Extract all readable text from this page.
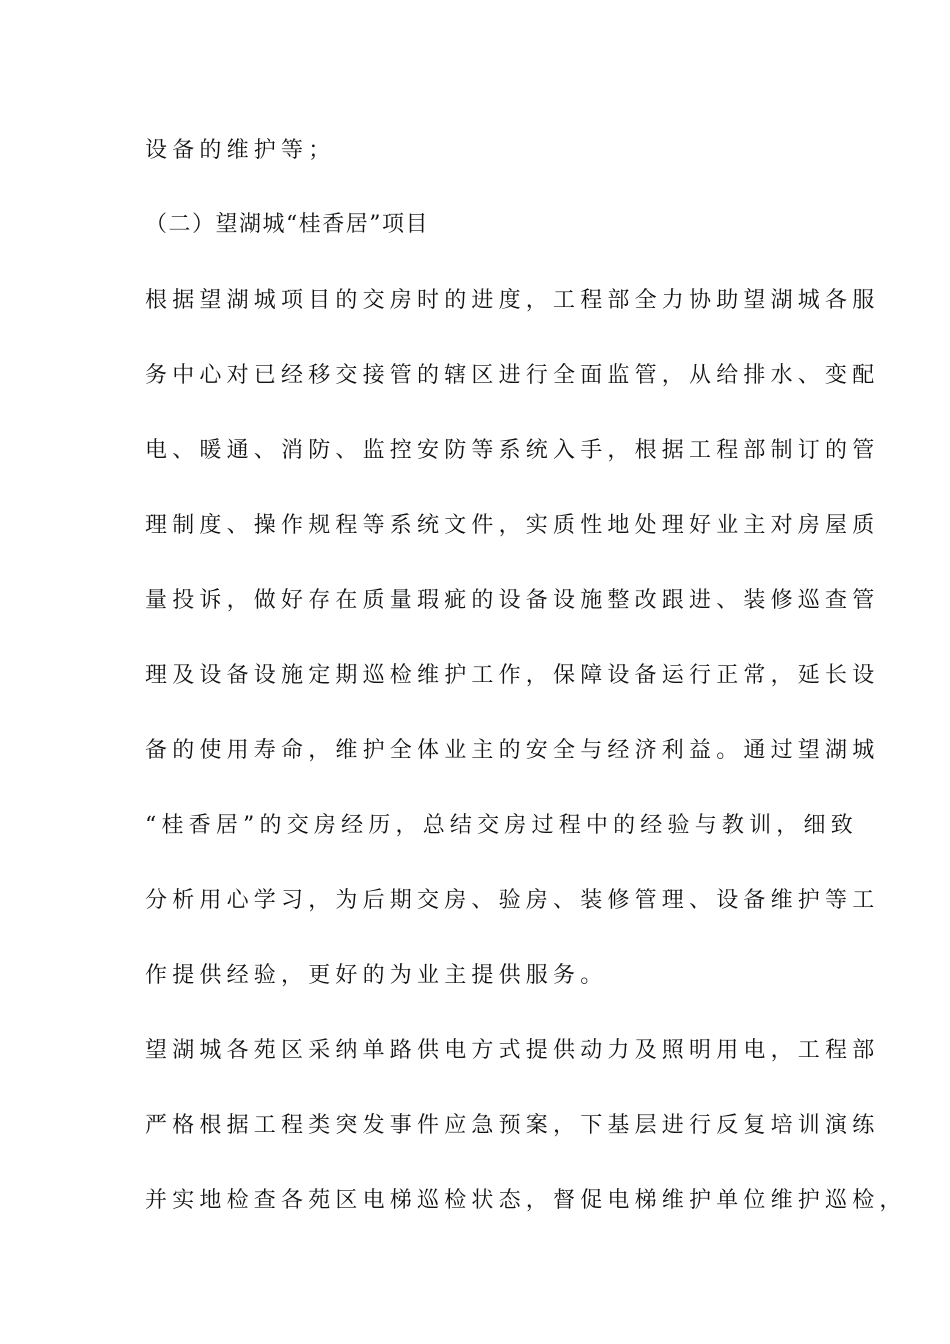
设备的维护等；

（二）望湖城“桂香居”项目

根据望湖城项目的交房时的进度，工程部全力协助望湖城各服

务中心对已经移交接管的辖区进行全面监管，从给排水、变配

电、暖通、消防、监控安防等系统入手，根据工程部制订的管

理制度、操作规程等系统文件，实质性地处理好业主对房屋质

量投诉，做好存在质量瑕疵的设备设施整改跟进、装修巡查管

理及设备设施定期巡检维护工作，保障设备运行正常，延长设

备的使用寿命，维护全体业主的安全与经济利益。通过望湖城

“桂香居”的交房经历，总结交房过程中的经验与教训，细致

分析用心学习，为后期交房、验房、装修管理、设备维护等工

作提供经验，更好的为业主提供服务。

望湖城各苑区采纳单路供电方式提供动力及照明用电，工程部

严格根据工程类突发事件应急预案，下基层进行反复培训演练

并实地检查各苑区电梯巡检状态，督促电梯维护单位维护巡检，
